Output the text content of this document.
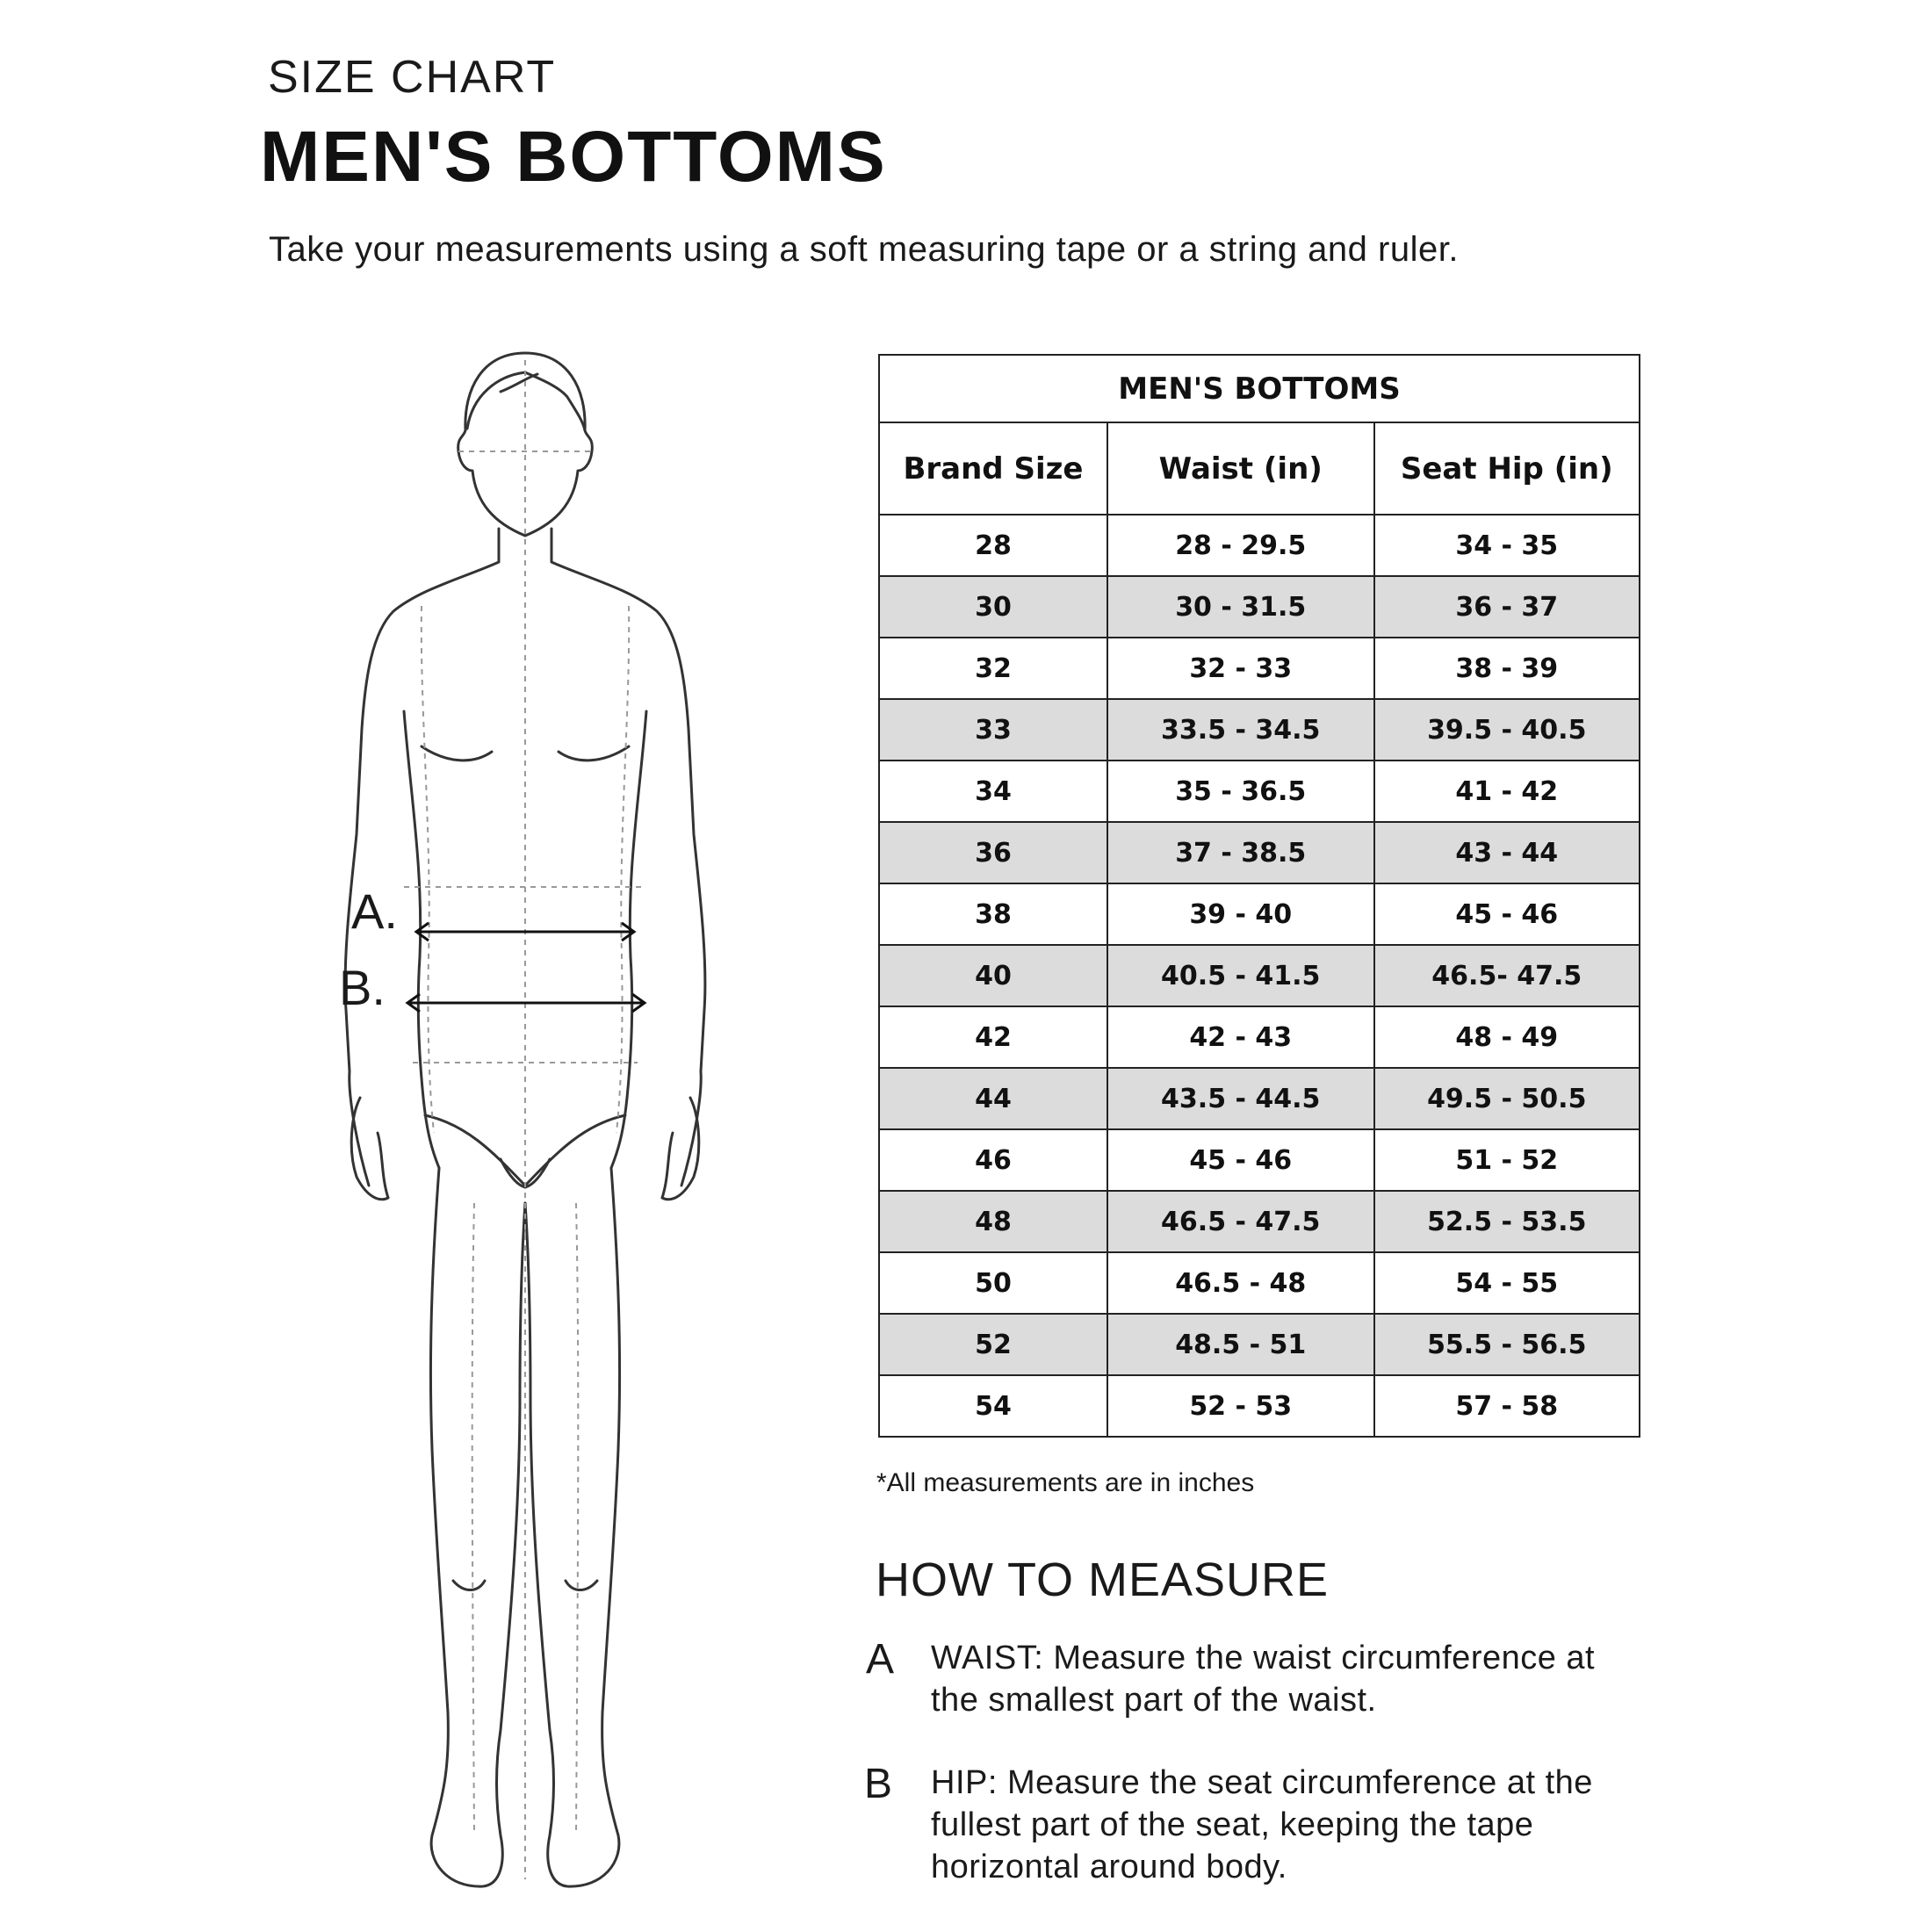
SIZE CHART
MEN'S BOTTOMS
Take your measurements using a soft measuring tape or a string and ruler.
A.
B.
MEN'S BOTTOMS		
Brand Size	Waist (in)	Seat Hip (in)
28	28 - 29.5	34 - 35
30	30 - 31.5	36 - 37
32	32 - 33	38 - 39
33	33.5 - 34.5	39.5 - 40.5
34	35 - 36.5	41 - 42
36	37 - 38.5	43 - 44
38	39 - 40	45 - 46
40	40.5 - 41.5	46.5- 47.5
42	42 - 43	48 - 49
44	43.5 - 44.5	49.5 - 50.5
46	45 - 46	51 - 52
48	46.5 - 47.5	52.5 - 53.5
50	46.5 - 48	54 - 55
52	48.5 - 51	55.5 - 56.5
54	52 - 53	57 - 58
*All measurements are in inches
HOW TO MEASURE
A WAIST: Measure the waist circumference at the smallest part of the waist.
B HIP: Measure the seat circumference at the fullest part of the seat, keeping the tape horizontal around body.
